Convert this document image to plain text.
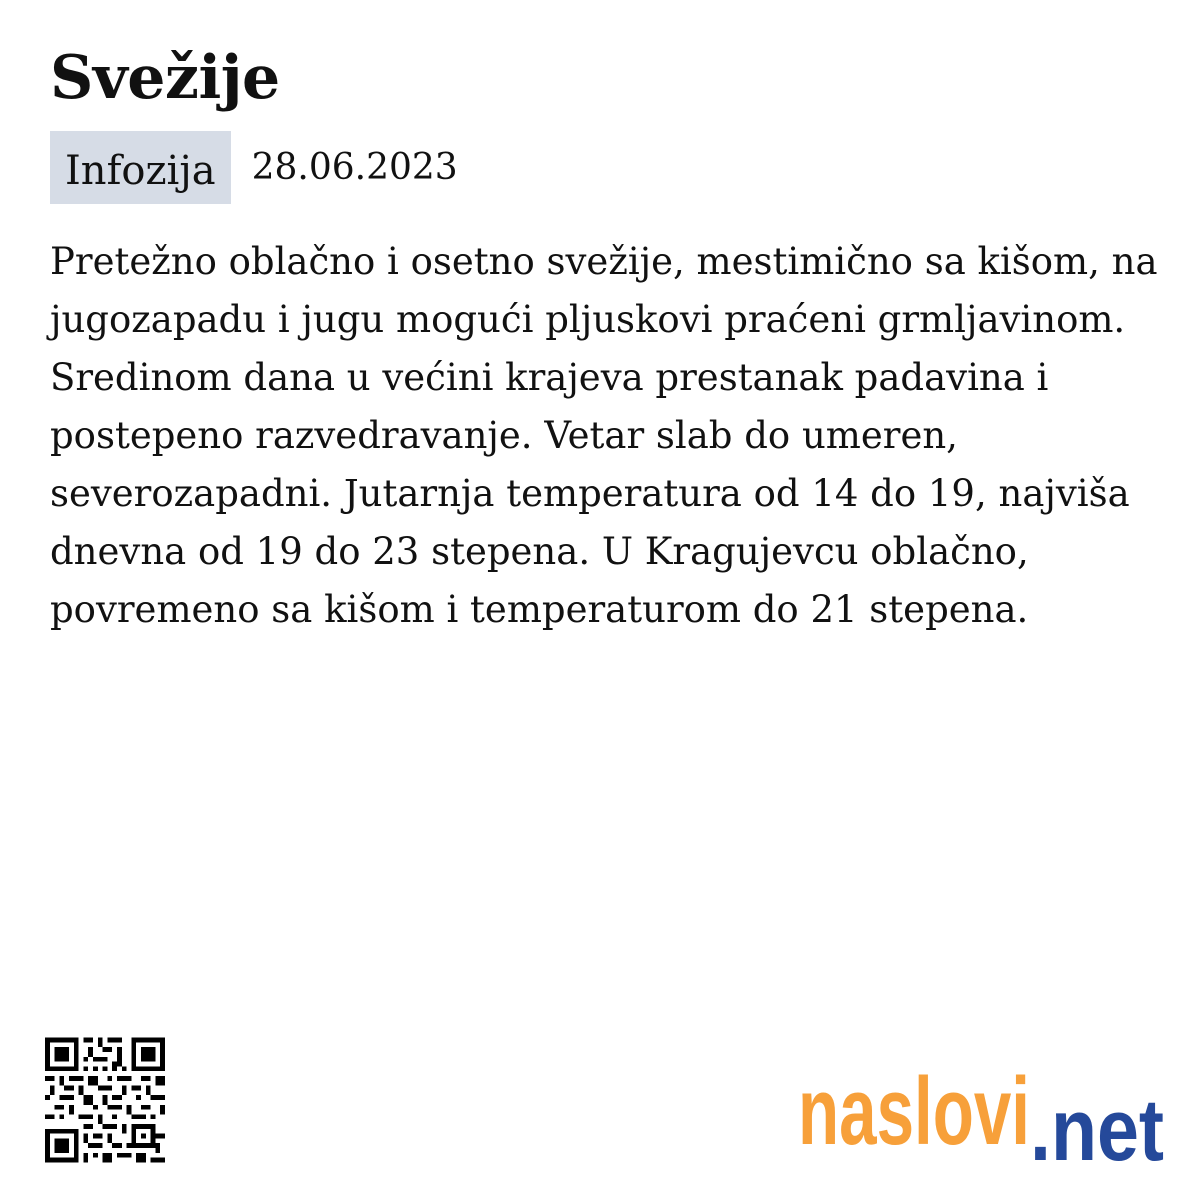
Svežije
Infozija	28.06.2023

Pretežno oblačno i osetno svežije, mestimično sa kišom, na jugozapadu i jugu mogući pljuskovi praćeni grmljavinom. Sredinom dana u većini krajeva prestanak padavina i postepeno razvedravanje. Vetar slab do umeren, severozapadni. Jutarnja temperatura od 14 do 19, najviša dnevna od 19 do 23 stepena. U Kragujevcu oblačno, povremeno sa kišom i temperaturom do 21 stepena.

naslovi .net
